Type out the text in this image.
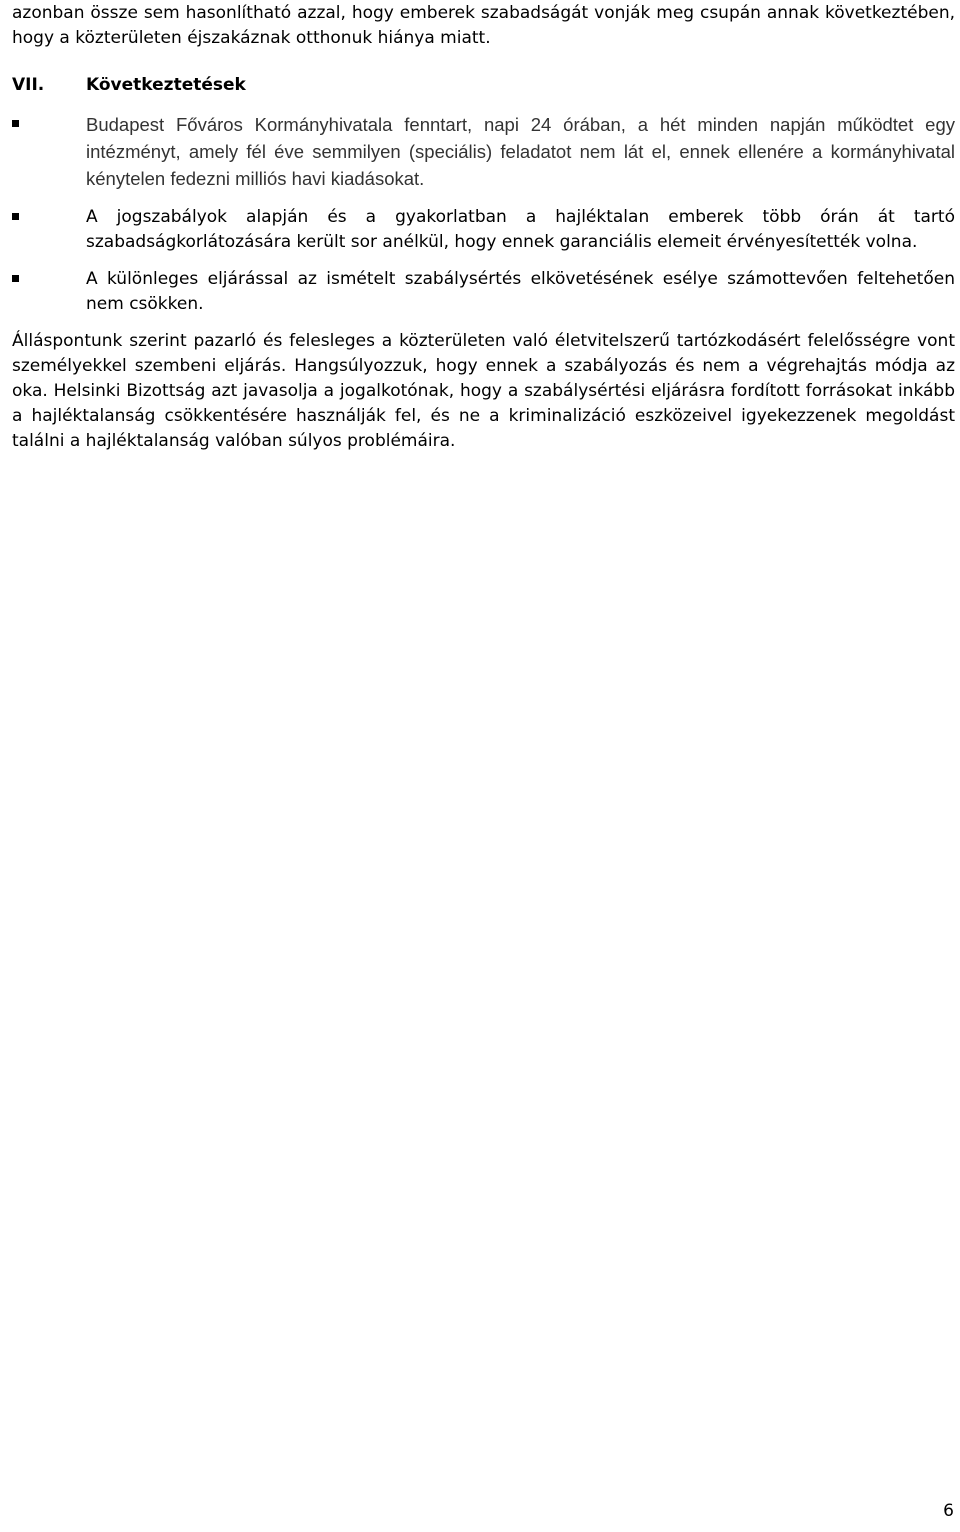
azonban össze sem hasonlítható azzal, hogy emberek szabadságát vonják meg csupán annak következtében, hogy a közterületen éjszakáznak otthonuk hiánya miatt.

VII.	Következtetések
Budapest Főváros Kormányhivatala fenntart, napi 24 órában, a hét minden napján működtet egy intézményt, amely fél éve semmilyen (speciális) feladatot nem lát el, ennek ellenére a kormányhivatal kénytelen fedezni milliós havi kiadásokat.
A jogszabályok alapján és a gyakorlatban a hajléktalan emberek több órán át tartó szabadságkorlátozására került sor anélkül, hogy ennek garanciális elemeit érvényesítették volna.
A különleges eljárással az ismételt szabálysértés elkövetésének esélye számottevően feltehetően nem csökken.

Álláspontunk szerint pazarló és felesleges a közterületen való életvitelszerű tartózkodásért felelősségre vont személyekkel szembeni eljárás. Hangsúlyozzuk, hogy ennek a szabályozás és nem a végrehajtás módja az oka. Helsinki Bizottság azt javasolja a jogalkotónak, hogy a szabálysértési eljárásra fordított forrásokat inkább a hajléktalanság csökkentésére használják fel, és ne a kriminalizáció eszközeivel igyekezzenek megoldást találni a hajléktalanság valóban súlyos problémáira.

6
